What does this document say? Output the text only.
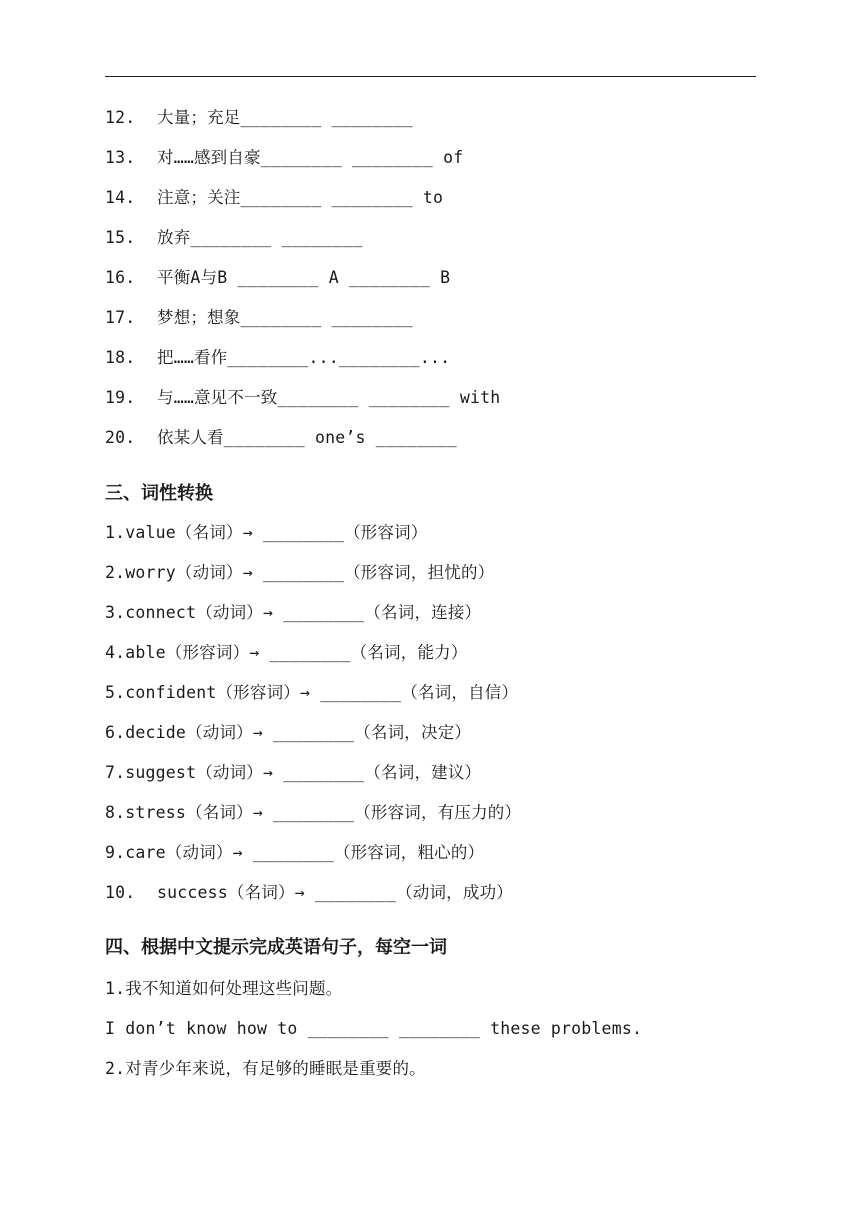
12. 大量；充足________ ________
13. 对……感到自豪________ ________ of
14. 注意；关注________ ________ to
15. 放弃________ ________
16. 平衡A与B ________ A ________ B
17. 梦想；想象________ ________
18. 把……看作________...________...
19. 与……意见不一致________ ________ with
20. 依某人看________ one’s ________
三、词性转换
1.value（名词）→ ________（形容词）
2.worry（动词）→ ________（形容词，担忧的）
3.connect（动词）→ ________（名词，连接）
4.able（形容词）→ ________（名词，能力）
5.confident（形容词）→ ________（名词，自信）
6.decide（动词）→ ________（名词，决定）
7.suggest（动词）→ ________（名词，建议）
8.stress（名词）→ ________（形容词，有压力的）
9.care（动词）→ ________（形容词，粗心的）
10. success（名词）→ ________（动词，成功）
四、根据中文提示完成英语句子，每空一词
1.我不知道如何处理这些问题。
I don’t know how to ________ ________ these problems.
2.对青少年来说，有足够的睡眠是重要的。
